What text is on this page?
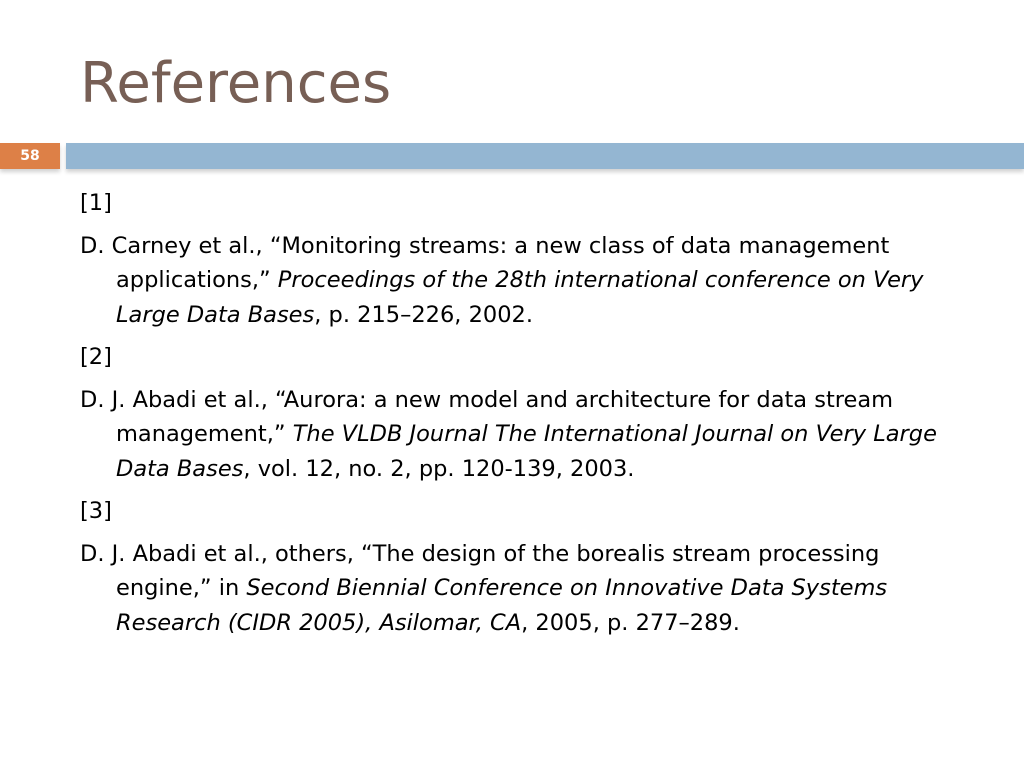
References
58

[1]

D. Carney et al., “Monitoring streams: a new class of data management applications,” Proceedings of the 28th international conference on Very Large Data Bases, p. 215–226, 2002.

[2]

D. J. Abadi et al., “Aurora: a new model and architecture for data stream management,” The VLDB Journal The International Journal on Very Large Data Bases, vol. 12, no. 2, pp. 120-139, 2003.

[3]

D. J. Abadi et al., others, “The design of the borealis stream processing engine,” in Second Biennial Conference on Innovative Data Systems Research (CIDR 2005), Asilomar, CA, 2005, p. 277–289.
